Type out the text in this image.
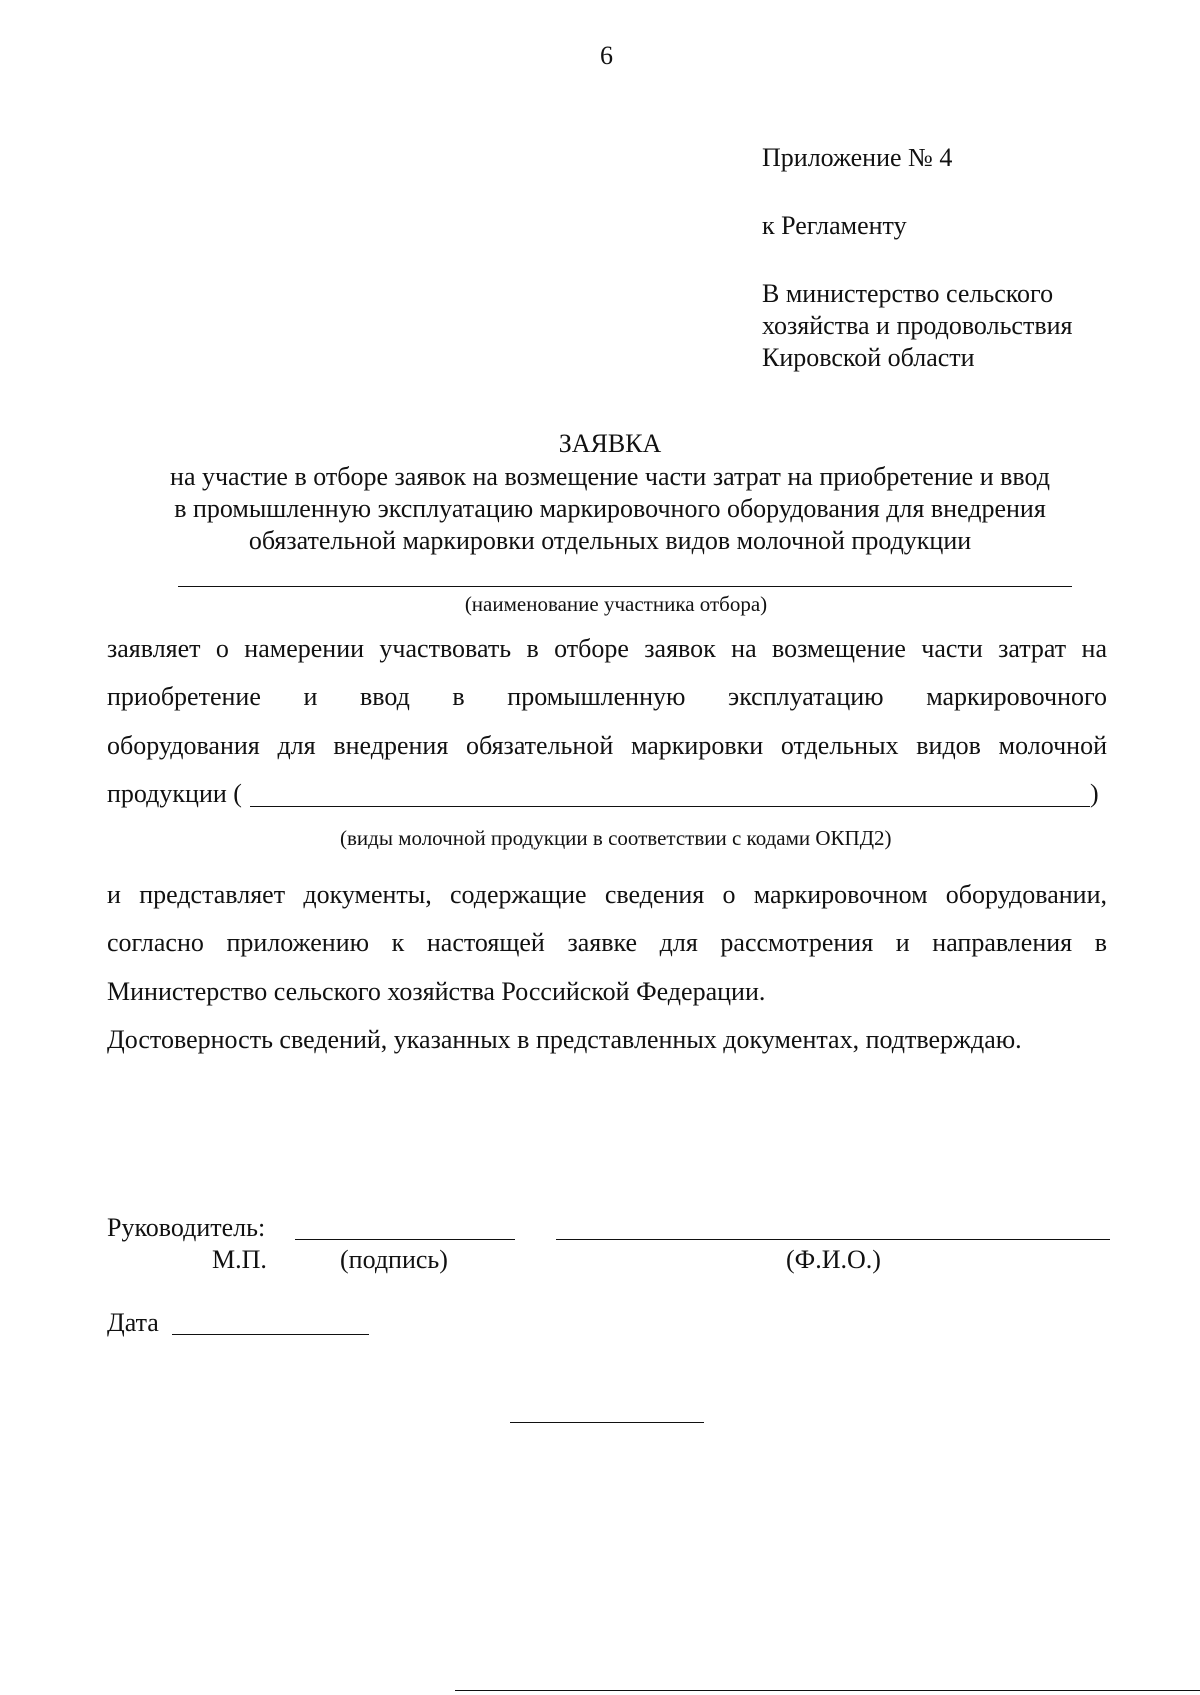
6
Приложение № 4
к Регламенту
В министерство сельского
хозяйства и продовольствия
Кировской области
ЗАЯВКА
на участие в отборе заявок на возмещение части затрат на приобретение и ввод
в промышленную эксплуатацию маркировочного оборудования для внедрения
обязательной маркировки отдельных видов молочной продукции
(наименование участника отбора)
заявляет о намерении участвовать в отборе заявок на возмещение части затрат на
приобретение и ввод в промышленную эксплуатацию маркировочного
оборудования для внедрения обязательной маркировки отдельных видов молочной
продукции (	)
(виды молочной продукции в соответствии с кодами ОКПД2)
и представляет документы, содержащие сведения о маркировочном оборудовании,
согласно приложению к настоящей заявке для рассмотрения и направления в
Министерство сельского хозяйства Российской Федерации.
Достоверность сведений, указанных в представленных документах, подтверждаю.
Руководитель:
М.П.	(подпись)	(Ф.И.О.)
Дата
